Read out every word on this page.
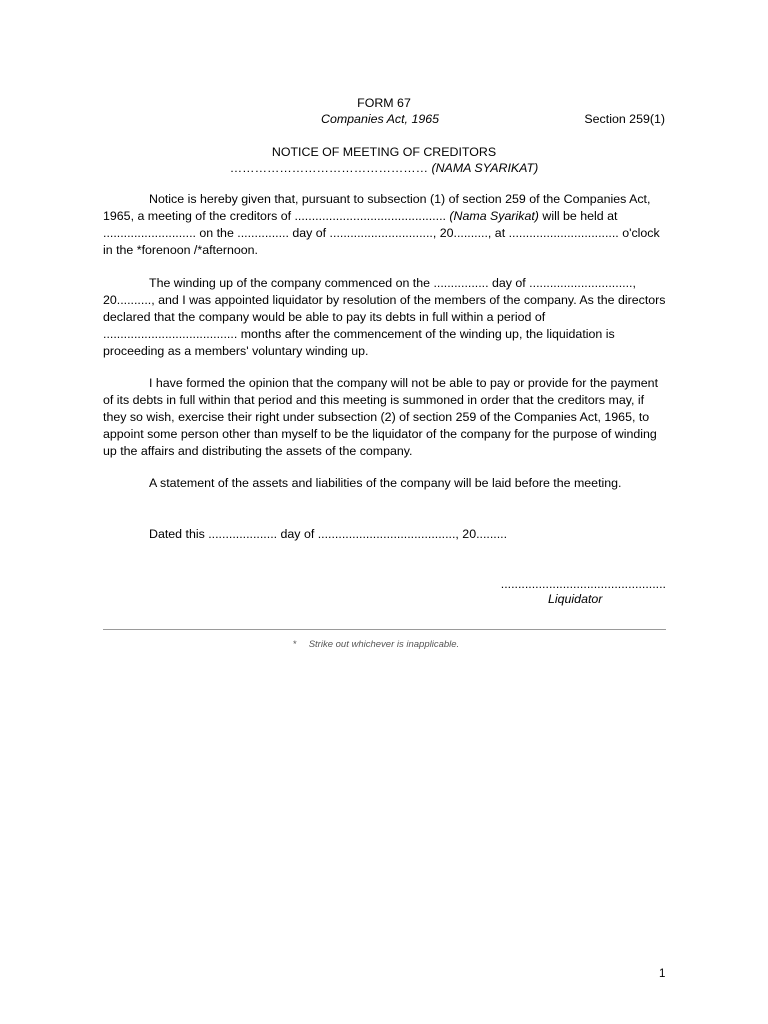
FORM 67
Companies Act, 1965	Section 259(1)
NOTICE OF MEETING OF CREDITORS
………………………………………… (NAMA SYARIKAT)

Notice is hereby given that, pursuant to subsection (1) of section 259 of the Companies Act, 1965, a meeting of the creditors of ............................................ (Nama Syarikat) will be held at ........................... on the ............... day of .............................., 20.........., at ................................ o'clock in the *forenoon /*afternoon.

The winding up of the company commenced on the ................ day of .............................., 20.........., and I was appointed liquidator by resolution of the members of the company. As the directors declared that the company would be able to pay its debts in full within a period of ....................................... months after the commencement of the winding up, the liquidation is proceeding as a members' voluntary winding up.

I have formed the opinion that the company will not be able to pay or provide for the payment of its debts in full within that period and this meeting is summoned in order that the creditors may, if they so wish, exercise their right under subsection (2) of section 259 of the Companies Act, 1965, to appoint some person other than myself to be the liquidator of the company for the purpose of winding up the affairs and distributing the assets of the company.

A statement of the assets and liabilities of the company will be laid before the meeting.

Dated this .................... day of ........................................, 20.........

................................................
Liquidator
* Strike out whichever is inapplicable.
1
